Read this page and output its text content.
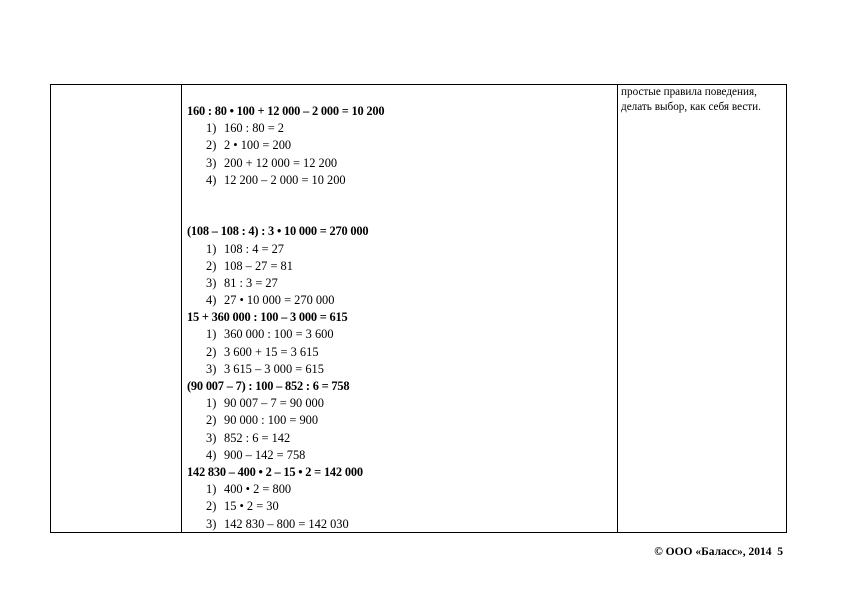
160 : 80 • 100 + 12 000 – 2 000 = 10 200
1) 160 : 80 = 2
2) 2 • 100 = 200
3) 200 + 12 000 = 12 200
4) 12 200 – 2 000 = 10 200
(108 – 108 : 4) : 3 • 10 000 = 270 000
1) 108 : 4 = 27
2) 108 – 27 = 81
3) 81 : 3 = 27
4) 27 • 10 000 = 270 000
15 + 360 000 : 100 – 3 000 = 615
1) 360 000 : 100 = 3 600
2) 3 600 + 15 = 3 615
3) 3 615 – 3 000 = 615
(90 007 – 7) : 100 – 852 : 6 = 758
1) 90 007 – 7 = 90 000
2) 90 000 : 100 = 900
3) 852 : 6 = 142
4) 900 – 142 = 758
142 830 – 400 • 2 – 15 • 2 = 142 000
1) 400 • 2 = 800
2) 15 • 2 = 30
3) 142 830 – 800 = 142 030
простые правила поведения,
делать выбор, как себя вести.
© ООО «Баласс», 2014 5
